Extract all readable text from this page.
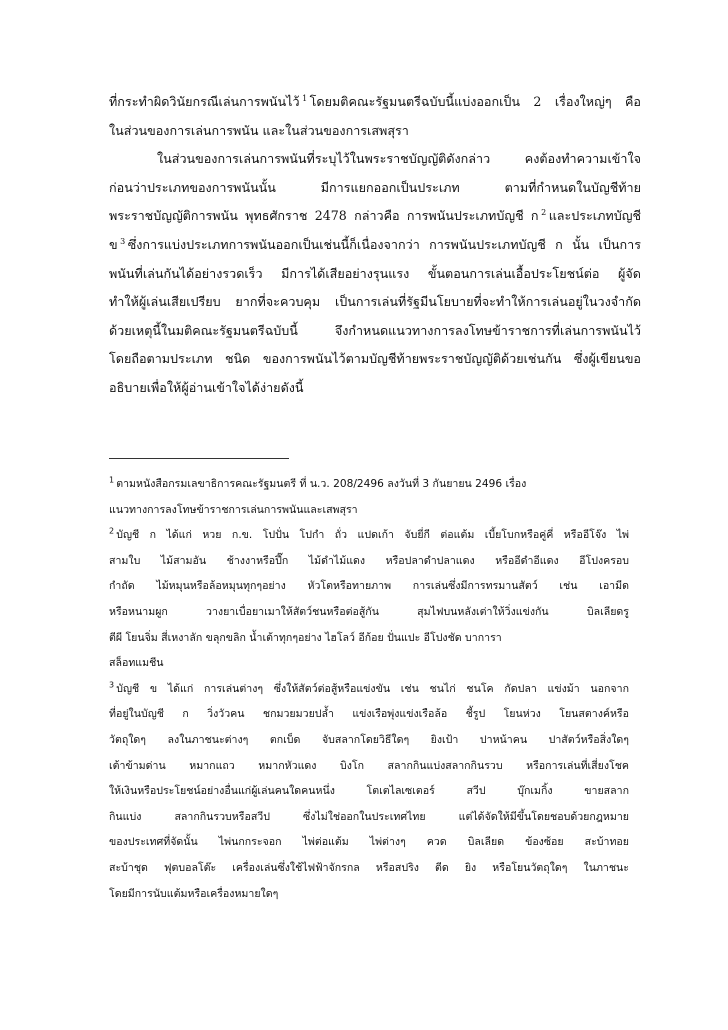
ที่กระทำผิดวินัยกรณีเล่นการพนันไว้  $^1$  โดยมติคณะรัฐมนตรีฉบับนี้แบ่งออกเป็น 2 เรื่องใหญ่ๆ คือ
ในส่วนของการเล่นการพนัน และในส่วนของการเสพสุรา
ในส่วนของการเล่นการพนันที่ระบุไว้ในพระราชบัญญัติดังกล่าว คงต้องทำความเข้าใจ
ก่อนว่าประเภทของการพนันนั้น มีการแยกออกเป็นประเภท ตามที่กำหนดในบัญชีท้าย
พระราชบัญญัติการพนัน พุทธศักราช 2478 กล่าวคือ การพนันประเภทบัญชี ก  $^2$  และประเภทบัญชี
ข  $^3$  ซึ่งการแบ่งประเภทการพนันออกเป็นเช่นนี้ก็เนื่องจากว่า การพนันประเภทบัญชี ก นั้น เป็นการ
พนันที่เล่นกันได้อย่างรวดเร็ว มีการได้เสียอย่างรุนแรง ขั้นตอนการเล่นเอื้อประโยชน์ต่อ ผู้จัด
ทำให้ผู้เล่นเสียเปรียบ ยากที่จะควบคุม เป็นการเล่นที่รัฐมีนโยบายที่จะทำให้การเล่นอยู่ในวงจำกัด
ด้วยเหตุนี้ในมติคณะรัฐมนตรีฉบับนี้ จึงกำหนดแนวทางการลงโทษข้าราชการที่เล่นการพนันไว้
โดยถือตามประเภท ชนิด ของการพนันไว้ตามบัญชีท้ายพระราชบัญญัติด้วยเช่นกัน ซึ่งผู้เขียนขอ
อธิบายเพื่อให้ผู้อ่านเข้าใจได้ง่ายดังนี้
$^1$  ตามหนังสือกรมเลขาธิการคณะรัฐมนตรี ที่ น.ว. 208/2496 ลงวันที่ 3 กันยายน 2496 เรื่อง
แนวทางการลงโทษข้าราชการเล่นการพนันและเสพสุรา
$^2$  บัญชี ก ได้แก่ หวย ก.ข. โปปั่น โปกำ ถั่ว แปดเก้า จับยี่กี ต่อแต้ม เบี้ยโบกหรือคู่คี่ หรืออีโจ๊ง ไพ่
สามใบ ไม้สามอัน ช้างงาหรือปึ๊ก ไม้ดำไม้แดง หรือปลาดำปลาแดง หรืออีดำอีแดง อีโปงครอบ
กำถัด ไม้หมุนหรือล้อหมุนทุกๆอย่าง หัวโตหรือทายภาพ การเล่นซึ่งมีการทรมานสัตว์ เช่น เอามีด
หรือหนามผูก วางยาเบื่อยาเมาให้สัตว์ชนหรือต่อสู้กัน สุมไฟบนหลังเต่าให้วิ่งแข่งกัน บิลเลียดรู
ตีผี โยนจิ่ม สี่เหงาลัก ขลุกขลิก น้ำเต้าทุกๆอย่าง ไฮโลว์ อีก้อย ปั่นแปะ อีโปงชัด บาการา
สล็อทแมชีน
$^3$  บัญชี ข ได้แก่ การเล่นต่างๆ ซึ่งให้สัตว์ต่อสู้หรือแข่งขัน เช่น ชนไก่ ชนโค กัดปลา แข่งม้า นอกจาก
ที่อยู่ในบัญชี ก วิ่งวัวคน ชกมวยมวยปล้ำ แข่งเรือพุ่งแข่งเรือล้อ ชี้รูป โยนห่วง โยนสตางค์หรือ
วัตถุใดๆ ลงในภาชนะต่างๆ ตกเบ็ด จับสลากโดยวิธีใดๆ ยิงเป้า ปาหน้าคน ปาสัตว์หรือสิ่งใดๆ
เต้าข้ามด่าน หมากแถว หมากหัวแดง บิงโก สลากกินแบ่งสลากกินรวบ หรือการเล่นที่เสี่ยงโชค
ให้เงินหรือประโยชน์อย่างอื่นแก่ผู้เล่นคนใดคนหนึ่ง โตเตไลเซเตอร์ สวีป บุ๊กเมกิ้ง ขายสลาก
กินแบ่ง สลากกินรวบหรือสวีป ซึ่งไม่ใช่ออกในประเทศไทย แต่ได้จัดให้มีขึ้นโดยชอบด้วยกฎหมาย
ของประเทศที่จัดนั้น ไพ่นกกระจอก ไพ่ต่อแต้ม ไพ่ต่างๆ ควด บิลเลียด ข้องซ้อย สะบ้าทอย
สะบ้าชุด ฟุตบอลโต๊ะ เครื่องเล่นซึ่งใช้ไฟฟ้าจักรกล หรือสปริง ตีด ยิง หรือโยนวัตถุใดๆ ในภาชนะ
โดยมีการนับแต้มหรือเครื่องหมายใดๆ
